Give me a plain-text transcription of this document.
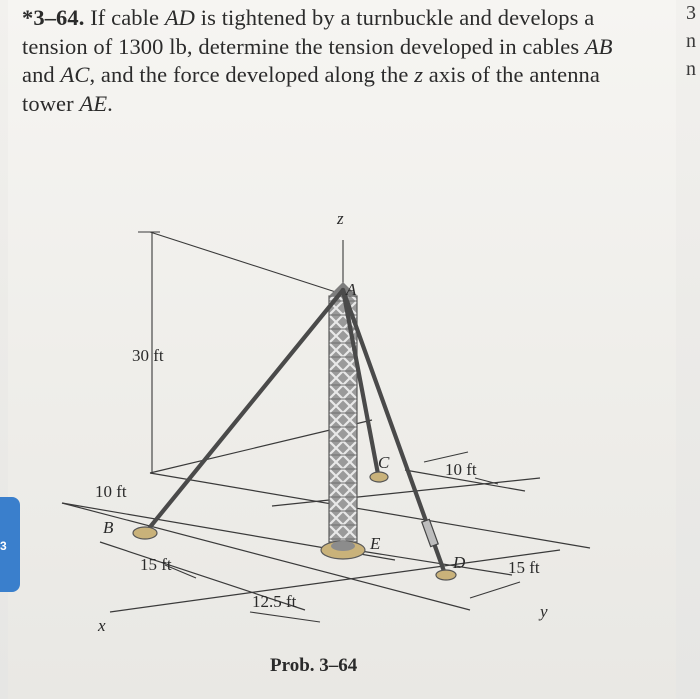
*3–64. If cable AD is tightened by a turnbuckle and develops a tension of 1300 lb, determine the tension developed in cables AB and AC, and the force developed along the z axis of the antenna tower AE.
3
n
n
3
z
A
C
E
D
B
x
y
30 ft
10 ft
10 ft
15 ft	15 ft
12.5 ft
Prob. 3–64
